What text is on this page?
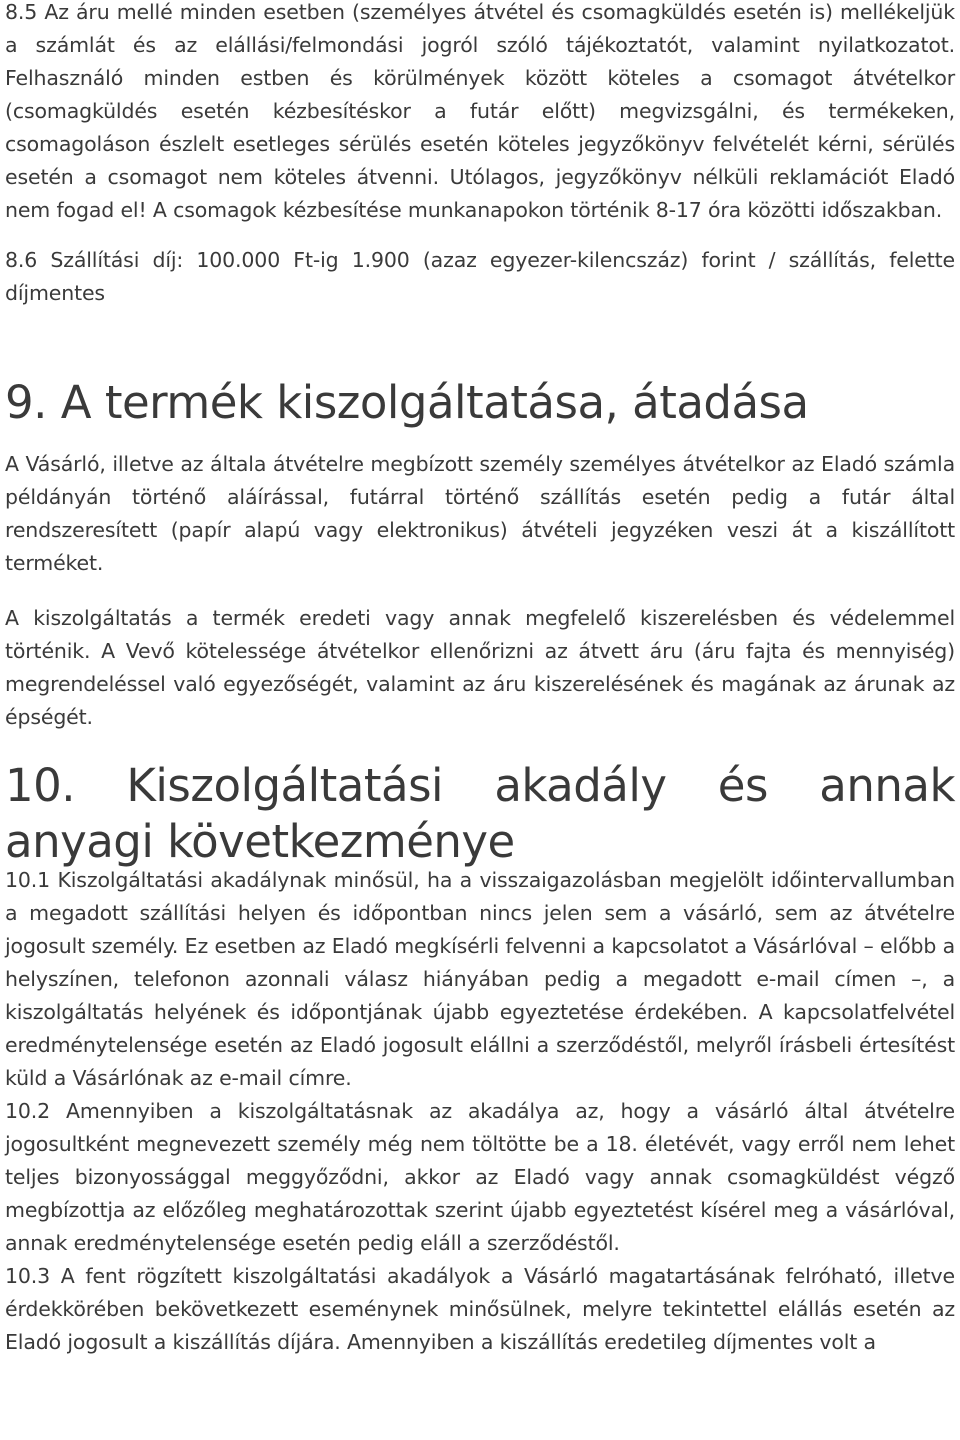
8.5 Az áru mellé minden esetben (személyes átvétel és csomagküldés esetén is) mellékeljük a számlát és az elállási/felmondási jogról szóló tájékoztatót, valamint nyilatkozatot. Felhasználó minden estben és körülmények között köteles a csomagot átvételkor (csomagküldés esetén kézbesítéskor a futár előtt) megvizsgálni, és termékeken, csomagoláson észlelt esetleges sérülés esetén köteles jegyzőkönyv felvételét kérni, sérülés esetén a csomagot nem köteles átvenni. Utólagos, jegyzőkönyv nélküli reklamációt Eladó nem fogad el! A csomagok kézbesítése munkanapokon történik 8-17 óra közötti időszakban.

8.6 Szállítási díj: 100.000 Ft-ig 1.900 (azaz egyezer-kilencszáz) forint / szállítás, felette díjmentes

9. A termék kiszolgáltatása, átadása

A Vásárló, illetve az általa átvételre megbízott személy személyes átvételkor az Eladó számla példányán történő aláírással, futárral történő szállítás esetén pedig a futár által rendszeresített (papír alapú vagy elektronikus) átvételi jegyzéken veszi át a kiszállított terméket.

A kiszolgáltatás a termék eredeti vagy annak megfelelő kiszerelésben és védelemmel történik. A Vevő kötelessége átvételkor ellenőrizni az átvett áru (áru fajta és mennyiség) megrendeléssel való egyezőségét, valamint az áru kiszerelésének és magának az árunak az épségét.

10. Kiszolgáltatási akadály és annak anyagi következménye

10.1 Kiszolgáltatási akadálynak minősül, ha a visszaigazolásban megjelölt időintervallumban a megadott szállítási helyen és időpontban nincs jelen sem a vásárló, sem az átvételre jogosult személy. Ez esetben az Eladó megkísérli felvenni a kapcsolatot a Vásárlóval – előbb a helyszínen, telefonon azonnali válasz hiányában pedig a megadott e-mail címen –, a kiszolgáltatás helyének és időpontjának újabb egyeztetése érdekében. A kapcsolatfelvétel eredménytelensége esetén az Eladó jogosult elállni a szerződéstől, melyről írásbeli értesítést küld a Vásárlónak az e-mail címre.

10.2 Amennyiben a kiszolgáltatásnak az akadálya az, hogy a vásárló által átvételre jogosultként megnevezett személy még nem töltötte be a 18. életévét, vagy erről nem lehet teljes bizonyossággal meggyőződni, akkor az Eladó vagy annak csomagküldést végző megbízottja az előzőleg meghatározottak szerint újabb egyeztetést kísérel meg a vásárlóval, annak eredménytelensége esetén pedig eláll a szerződéstől.

10.3 A fent rögzített kiszolgáltatási akadályok a Vásárló magatartásának felróható, illetve érdekkörében bekövetkezett eseménynek minősülnek, melyre tekintettel elállás esetén az Eladó jogosult a kiszállítás díjára. Amennyiben a kiszállítás eredetileg díjmentes volt a
